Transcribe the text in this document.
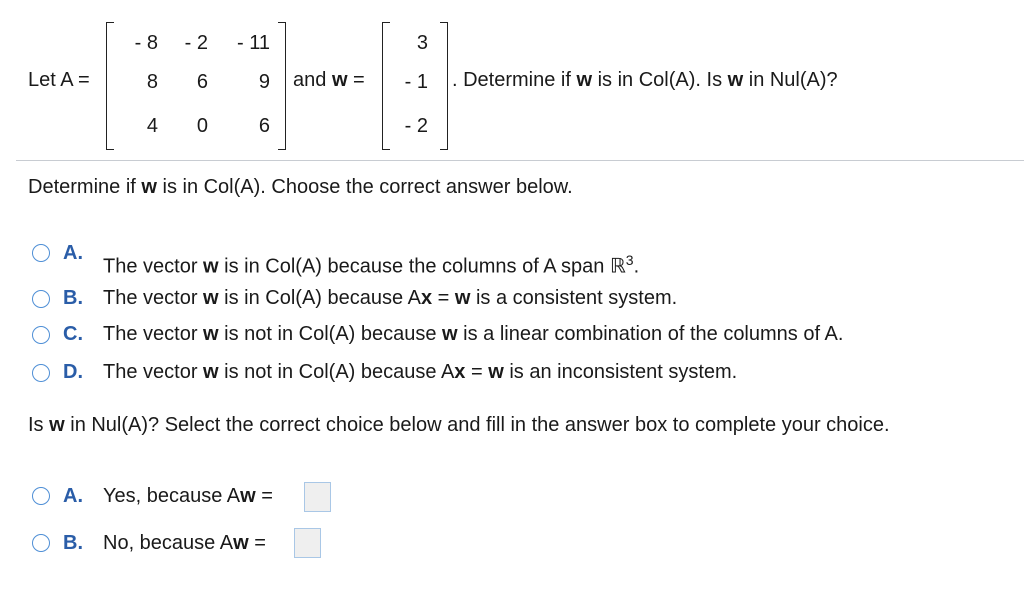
Let A =
- 8	- 2	- 11
8	6	9
4	0	6
and w =
3
- 1
- 2
. Determine if w is in Col(A). Is w in Nul(A)?
Determine if w is in Col(A). Choose the correct answer below.
A.
The vector w is in Col(A) because the columns of A span ℝ$^3$.
B. The vector w is in Col(A) because Ax = w is a consistent system.
C. The vector w is not in Col(A) because w is a linear combination of the columns of A.
D. The vector w is not in Col(A) because Ax = w is an inconsistent system.
Is w in Nul(A)? Select the correct choice below and fill in the answer box to complete your choice.
A. Yes, because Aw =
B. No, because Aw =
